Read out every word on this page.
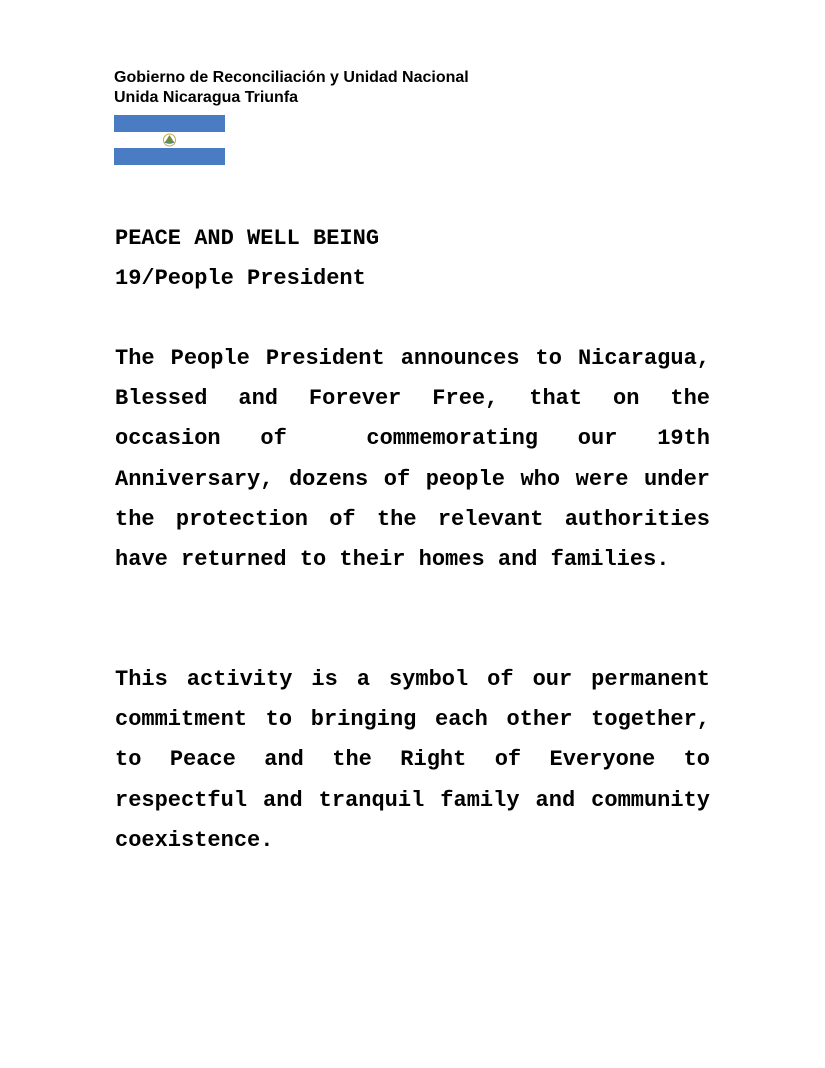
Gobierno de Reconciliación y Unidad Nacional
Unida Nicaragua Triunfa
PEACE AND WELL BEING
19/People President
The People President announces to Nicaragua, Blessed and Forever Free, that on the occasion of  commemorating our 19th Anniversary, dozens of people who were under the protection of the relevant authorities have returned to their homes and families.
This activity is a symbol of our permanent commitment to bringing each other together, to Peace and the Right of Everyone to respectful and tranquil family and community coexistence.
